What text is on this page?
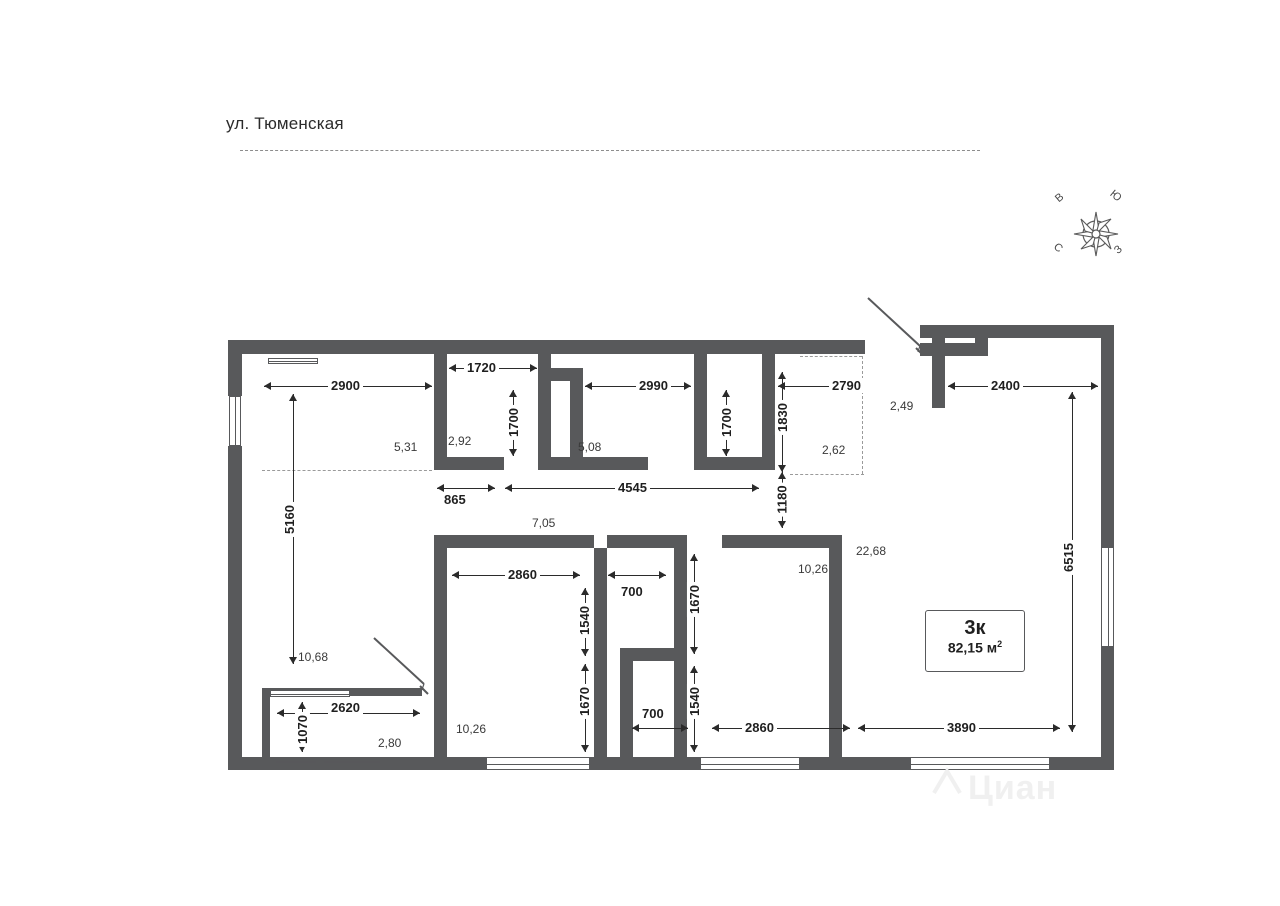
ул. Тюменская
Ю
З
С
В
2900
1720
2990	2790	2400
1700	1700	1830
1180
5160
6515
865
4545
2860
700
1540
1670
1670	1540
700
2860	3890
2620
1070
5,31	2,92	5,08	2,62
2,49
7,05
22,68
10,26
10,26
10,68
2,80
3к
82,15 $м^2$
Циан
